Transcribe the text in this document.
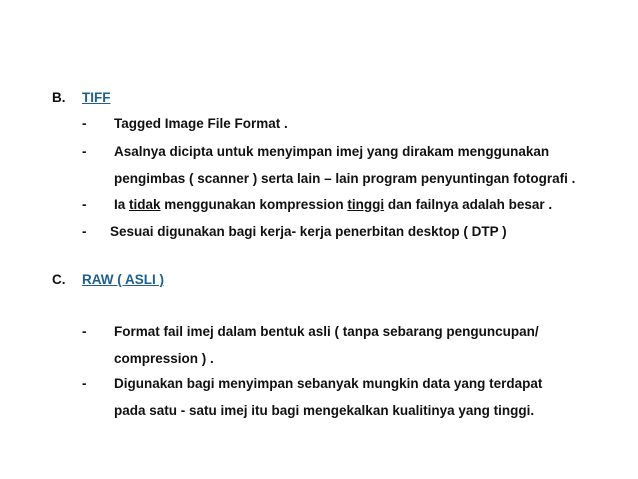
B. TIFF
- Tagged Image File Format .
- Asalnya dicipta untuk menyimpan imej yang dirakam menggunakan
pengimbas ( scanner ) serta lain – lain program penyuntingan fotografi .
- Ia tidak menggunakan kompression tinggi dan failnya adalah besar .
- Sesuai digunakan bagi kerja- kerja penerbitan desktop ( DTP )
C. RAW ( ASLI )
- Format fail imej dalam bentuk asli ( tanpa sebarang penguncupan/
compression ) .
- Digunakan bagi menyimpan sebanyak mungkin data yang terdapat
pada satu - satu imej itu bagi mengekalkan kualitinya yang tinggi.
